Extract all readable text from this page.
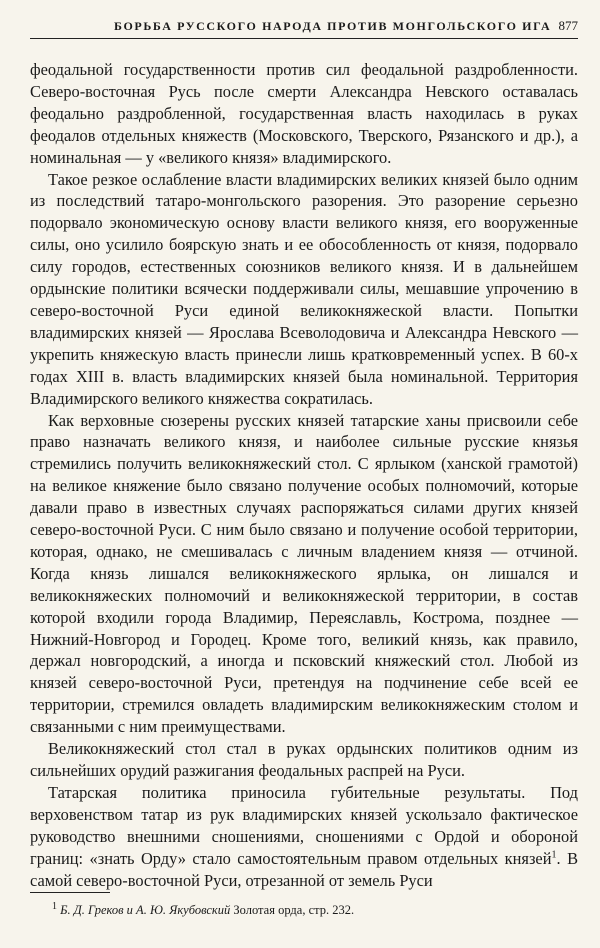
БОРЬБА РУССКОГО НАРОДА ПРОТИВ МОНГОЛЬСКОГО ИГА 877

феодальной государственности против сил феодальной раздробленности. Северо-восточная Русь после смерти Александра Невского оставалась феодально раздробленной, государственная власть находилась в руках феодалов отдельных княжеств (Московского, Тверского, Рязанского и др.), а номинальная — у «великого князя» владимирского.

Такое резкое ослабление власти владимирских великих князей было одним из последствий татаро-монгольского разорения. Это разорение серьезно подорвало экономическую основу власти великого князя, его вооруженные силы, оно усилило боярскую знать и ее обособленность от князя, подорвало силу городов, естественных союзников великого князя. И в дальнейшем ордынские политики всячески поддерживали силы, мешавшие упрочению в северо-восточной Руси единой великокняжеской власти. Попытки владимирских князей — Ярослава Всеволодовича и Александра Невского — укрепить княжескую власть принесли лишь кратковременный успех. В 60-х годах XIII в. власть владимирских князей была номинальной. Территория Владимирского великого княжества сократилась.

Как верховные сюзерены русских князей татарские ханы присвоили себе право назначать великого князя, и наиболее сильные русские князья стремились получить великокняжеский стол. С ярлыком (ханской грамотой) на великое княжение было связано получение особых полномочий, которые давали право в известных случаях распоряжаться силами других князей северо-восточной Руси. С ним было связано и получение особой территории, которая, однако, не смешивалась с личным владением князя — отчиной. Когда князь лишался великокняжеского ярлыка, он лишался и великокняжеских полномочий и великокняжеской территории, в состав которой входили города Владимир, Переяславль, Кострома, позднее — Нижний-Новгород и Городец. Кроме того, великий князь, как правило, держал новгородский, а иногда и псковский княжеский стол. Любой из князей северо-восточной Руси, претендуя на подчинение себе всей ее территории, стремился овладеть владимирским великокняжеским столом и связанными с ним преимуществами.

Великокняжеский стол стал в руках ордынских политиков одним из сильнейших орудий разжигания феодальных распрей на Руси.

Татарская политика приносила губительные результаты. Под верховенством татар из рук владимирских князей ускользало фактическое руководство внешними сношениями, сношениями с Ордой и обороной границ: «знать Орду» стало самостоятельным правом отдельных князей$^1$. В самой северо-восточной Руси, отрезанной от земель Руси

$^1$ Б. Д. Греков и А. Ю. Якубовский Золотая орда, стр. 232.
